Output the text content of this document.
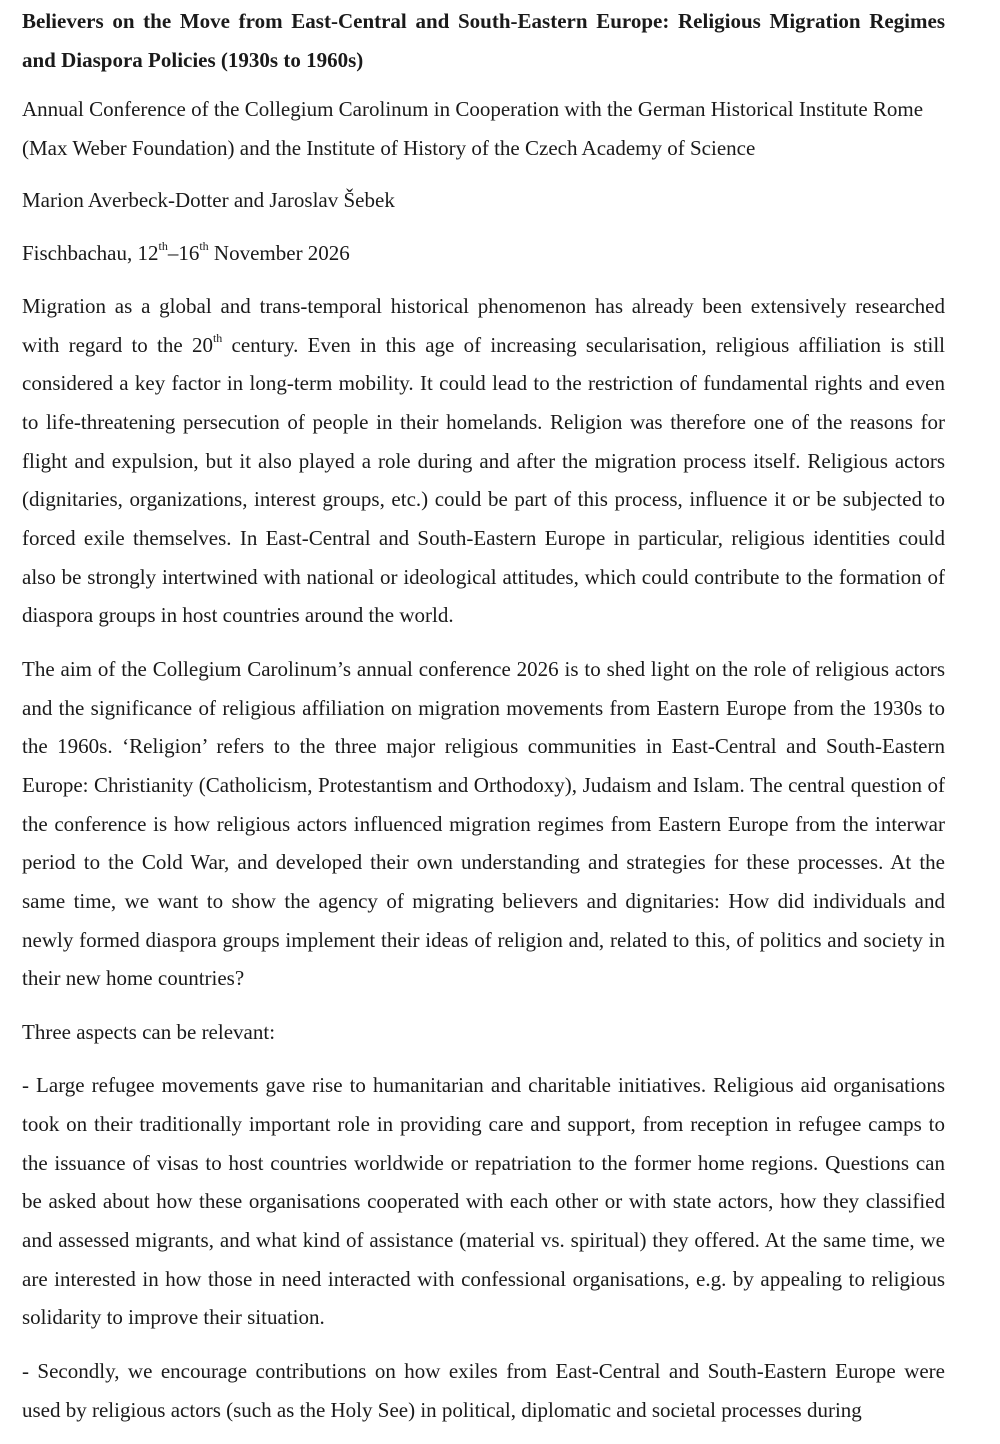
Believers on the Move from East-Central and South-Eastern Europe: Religious Migration Regimes and Diaspora Policies (1930s to 1960s)

Annual Conference of the Collegium Carolinum in Cooperation with the German Historical Institute Rome (Max Weber Foundation) and the Institute of History of the Czech Academy of Science

Marion Averbeck-Dotter and Jaroslav Šebek

Fischbachau, 12th–16th November 2026

Migration as a global and trans-temporal historical phenomenon has already been extensively researched with regard to the 20th century. Even in this age of increasing secularisation, religious affiliation is still considered a key factor in long-term mobility. It could lead to the restriction of fundamental rights and even to life-threatening persecution of people in their homelands. Religion was therefore one of the reasons for flight and expulsion, but it also played a role during and after the migration process itself. Religious actors (dignitaries, organizations, interest groups, etc.) could be part of this process, influence it or be subjected to forced exile themselves. In East-Central and South-Eastern Europe in particular, religious identities could also be strongly intertwined with national or ideological attitudes, which could contribute to the formation of diaspora groups in host countries around the world.

The aim of the Collegium Carolinum’s annual conference 2026 is to shed light on the role of religious actors and the significance of religious affiliation on migration movements from Eastern Europe from the 1930s to the 1960s. ‘Religion’ refers to the three major religious communities in East-Central and South-Eastern Europe: Christianity (Catholicism, Protestantism and Orthodoxy), Judaism and Islam. The central question of the conference is how religious actors influenced migration regimes from Eastern Europe from the interwar period to the Cold War, and developed their own understanding and strategies for these processes. At the same time, we want to show the agency of migrating believers and dignitaries: How did individuals and newly formed diaspora groups implement their ideas of religion and, related to this, of politics and society in their new home countries?

Three aspects can be relevant:

- Large refugee movements gave rise to humanitarian and charitable initiatives. Religious aid organisations took on their traditionally important role in providing care and support, from reception in refugee camps to the issuance of visas to host countries worldwide or repatriation to the former home regions. Questions can be asked about how these organisations cooperated with each other or with state actors, how they classified and assessed migrants, and what kind of assistance (material vs. spiritual) they offered. At the same time, we are interested in how those in need interacted with confessional organisations, e.g. by appealing to religious solidarity to improve their situation.

- Secondly, we encourage contributions on how exiles from East-Central and South-Eastern Europe were used by religious actors (such as the Holy See) in political, diplomatic and societal processes during
